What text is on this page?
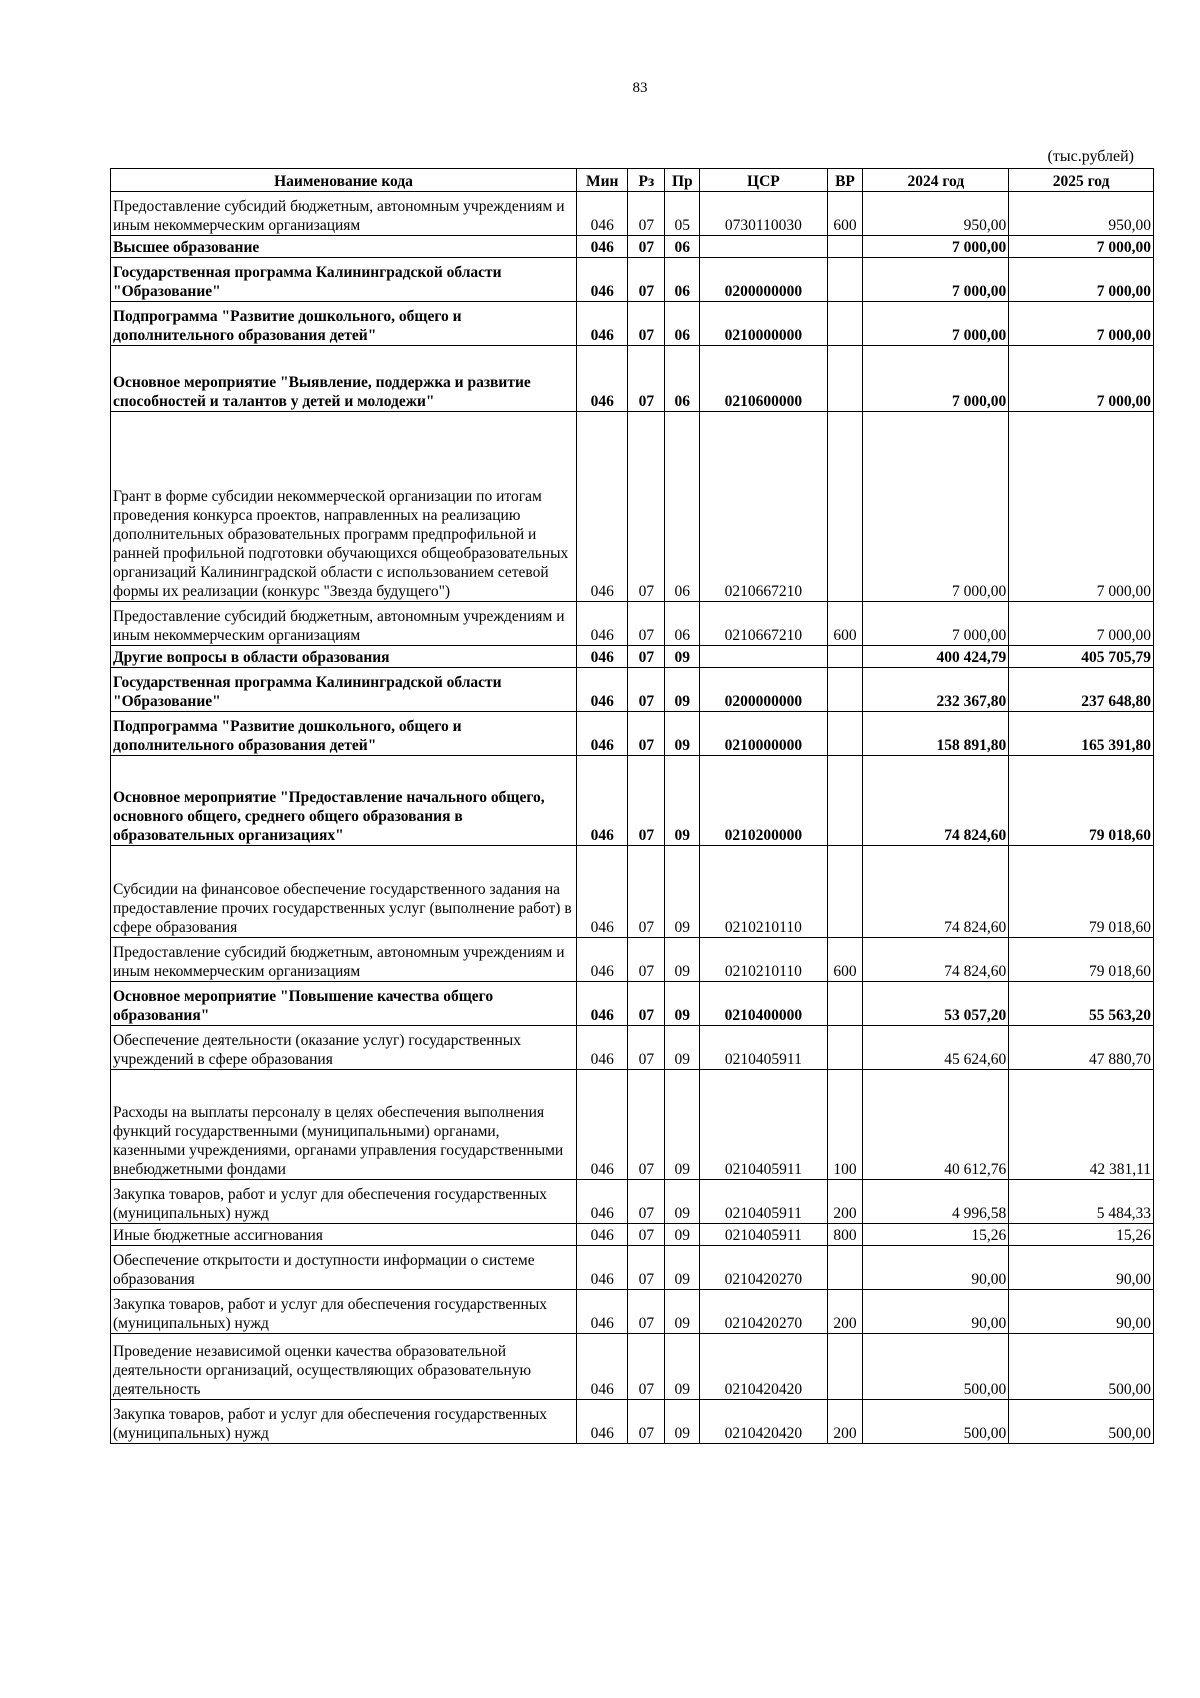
83
(тыс.рублей)
Наименование кода	Мин	Рз	Пр	ЦСР	ВР	2024 год	2025 год
Предоставление субсидий бюджетным, автономным учреждениям и иным некоммерческим организациям	046	07	05	0730110030	600	950,00	950,00
Высшее образование	046	07	06			7 000,00	7 000,00
Государственная программа Калининградской области "Образование"	046	07	06	0200000000		7 000,00	7 000,00
Подпрограмма "Развитие дошкольного, общего и дополнительного образования детей"	046	07	06	0210000000		7 000,00	7 000,00
Основное мероприятие "Выявление, поддержка и развитие способностей и талантов у детей и молодежи"	046	07	06	0210600000		7 000,00	7 000,00
Грант в форме субсидии некоммерческой организации по итогам проведения конкурса проектов, направленных на реализацию дополнительных образовательных программ предпрофильной и ранней профильной подготовки обучающихся общеобразовательных организаций Калининградской области с использованием сетевой формы их реализации (конкурс "Звезда будущего")	046	07	06	0210667210		7 000,00	7 000,00
Предоставление субсидий бюджетным, автономным учреждениям и иным некоммерческим организациям	046	07	06	0210667210	600	7 000,00	7 000,00
Другие вопросы в области образования	046	07	09			400 424,79	405 705,79
Государственная программа Калининградской области "Образование"	046	07	09	0200000000		232 367,80	237 648,80
Подпрограмма "Развитие дошкольного, общего и дополнительного образования детей"	046	07	09	0210000000		158 891,80	165 391,80
Основное мероприятие "Предоставление начального общего, основного общего, среднего общего образования в образовательных организациях"	046	07	09	0210200000		74 824,60	79 018,60
Субсидии на финансовое обеспечение государственного задания на предоставление прочих государственных услуг (выполнение работ) в сфере образования	046	07	09	0210210110		74 824,60	79 018,60
Предоставление субсидий бюджетным, автономным учреждениям и иным некоммерческим организациям	046	07	09	0210210110	600	74 824,60	79 018,60
Основное мероприятие "Повышение качества общего образования"	046	07	09	0210400000		53 057,20	55 563,20
Обеспечение деятельности (оказание услуг) государственных учреждений в сфере образования	046	07	09	0210405911		45 624,60	47 880,70
Расходы на выплаты персоналу в целях обеспечения выполнения функций государственными (муниципальными) органами, казенными учреждениями, органами управления государственными внебюджетными фондами	046	07	09	0210405911	100	40 612,76	42 381,11
Закупка товаров, работ и услуг для обеспечения государственных (муниципальных) нужд	046	07	09	0210405911	200	4 996,58	5 484,33
Иные бюджетные ассигнования	046	07	09	0210405911	800	15,26	15,26
Обеспечение открытости и доступности информации о системе образования	046	07	09	0210420270		90,00	90,00
Закупка товаров, работ и услуг для обеспечения государственных (муниципальных) нужд	046	07	09	0210420270	200	90,00	90,00
Проведение независимой оценки качества образовательной деятельности организаций, осуществляющих образовательную деятельность	046	07	09	0210420420		500,00	500,00
Закупка товаров, работ и услуг для обеспечения государственных (муниципальных) нужд	046	07	09	0210420420	200	500,00	500,00
